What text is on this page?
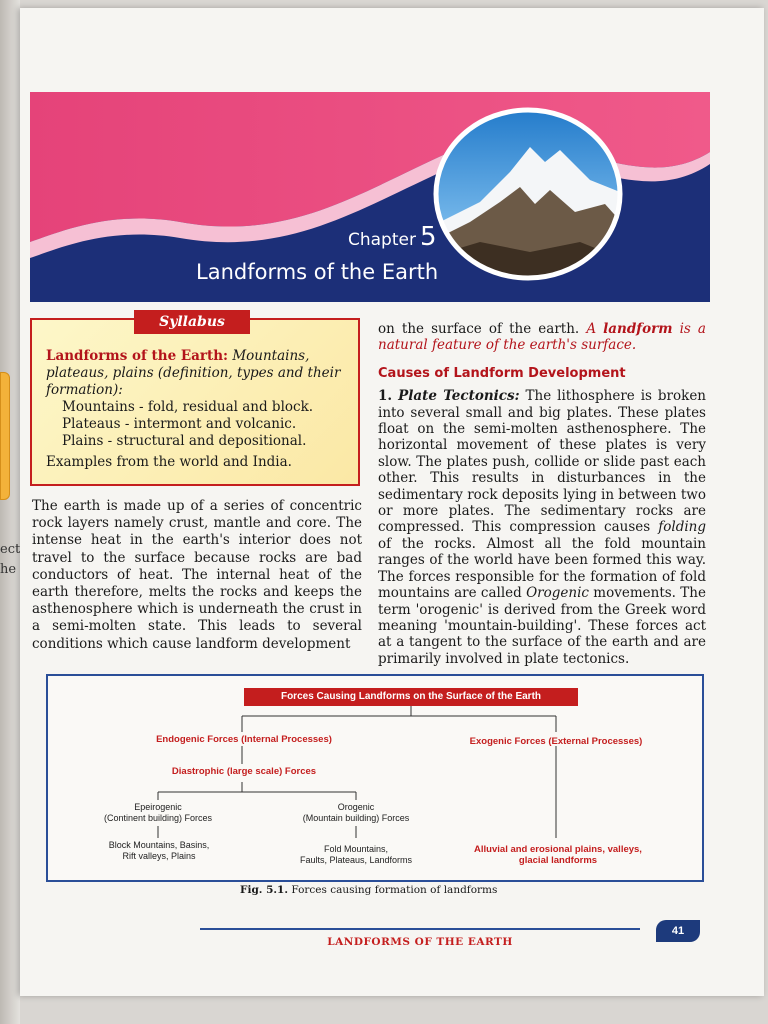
ect
he
Chapter 5
Landforms of the Earth
Syllabus
Landforms of the Earth: Mountains,
plateaus, plains (definition, types and their
formation):
Mountains - fold, residual and block.
Plateaus - intermont and volcanic.
Plains - structural and depositional.
Examples from the world and India.
The earth is made up of a series of concentric rock layers namely crust, mantle and core. The intense heat in the earth's interior does not travel to the surface because rocks are bad conductors of heat. The internal heat of the earth therefore, melts the rocks and keeps the asthenosphere which is underneath the crust in a semi-molten state. This leads to several conditions which cause landform development

on the surface of the earth. A landform is a natural feature of the earth's surface.

Causes of Landform Development

1. Plate Tectonics: The lithosphere is broken into several small and big plates. These plates float on the semi-molten asthenosphere. The horizontal movement of these plates is very slow. The plates push, collide or slide past each other. This results in disturbances in the sedimentary rock deposits lying in between two or more plates. The sedimentary rocks are compressed. This compression causes folding of the rocks. Almost all the fold mountain ranges of the world have been formed this way. The forces responsible for the formation of fold mountains are called Orogenic movements. The term 'orogenic' is derived from the Greek word meaning 'mountain-building'. These forces act at a tangent to the surface of the earth and are primarily involved in plate tectonics.

Forces Causing Landforms on the Surface of the Earth
Endogenic Forces (Internal Processes)	Exogenic Forces (External Processes)
Diastrophic (large scale) Forces
Epeirogenic
(Continent building) Forces
Orogenic
(Mountain building) Forces
Block Mountains, Basins,
Rift valleys, Plains
Fold Mountains,
Faults, Plateaus, Landforms
Alluvial and erosional plains, valleys,
glacial landforms
Fig. 5.1. Forces causing formation of landforms
LANDFORMS OF THE EARTH
41
